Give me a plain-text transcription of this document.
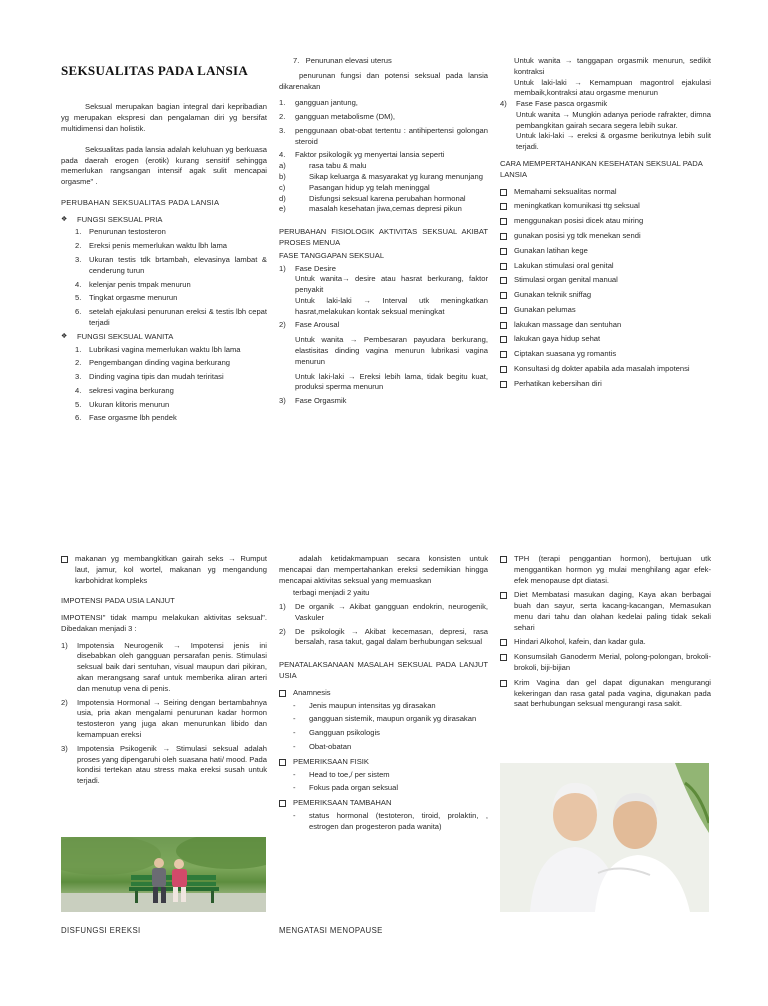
SEKSUALITAS PADA LANSIA

Seksual merupakan bagian integral dari kepribadian yg merupakan ekspresi dan pengalaman diri yg bersifat multidimensi dan holistik.

Seksualitas pada lansia adalah keluhuan yg berkuasa pada daerah erogen (erotik) kurang sensitif sehingga memerlukan rangsangan intensif agak sulit mencapai orgasme" .

PERUBAHAN SEKSUALITAS PADA LANSIA
❖ FUNGSI SEKSUAL PRIA
1. Penurunan testosteron
2. Ereksi penis memerlukan waktu lbh lama
3. Ukuran testis tdk brtambah, elevasinya lambat & cenderung turun
4. kelenjar penis tmpak menurun
5. Tingkat orgasme menurun
6. setelah ejakulasi penurunan ereksi & testis lbh cepat terjadi
❖ FUNGSI SEKSUAL WANITA
1. Lubrikasi vagina memerlukan waktu lbh lama
2. Pengembangan dinding vagina berkurang
3. Dinding vagina tipis dan mudah teriritasi
4. sekresi vagina berkurang
5. Ukuran klitoris menurun
6. Fase orgasme lbh pendek
7.   Penurunan elevasi uterus
penurunan fungsi dan potensi seksual pada lansia dikarenakan
1. gangguan jantung,
2. gangguan metabolisme (DM),
3. penggunaan obat-obat tertentu : antihipertensi golongan steroid
4. Faktor psikologik yg menyertai lansia seperti
a)	rasa tabu & malu
b)	Sikap keluarga & masyarakat yg kurang menunjang
c)	Pasangan hidup yg telah meninggal
d)	Disfungsi seksual karena perubahan hormonal
e)	masalah kesehatan jiwa,cemas depresi pikun
PERUBAHAN FISIOLOGIK AKTIVITAS SEKSUAL AKIBAT PROSES MENUA
FASE TANGGAPAN SEKSUAL
1) Fase Desire
Untuk wanita→ desire atau hasrat berkurang, faktor penyakit
Untuk laki-laki → Interval utk meningkatkan hasrat,melakukan kontak seksual meningkat
2) Fase Arousal
Untuk wanita → Pembesaran payudara berkurang, elastisitas dinding vagina menurun lubrikasi vagina menurun
Untuk laki-laki → Ereksi lebih lama, tidak begitu kuat, produksi sperma menurun
3) Fase Orgasmik
Untuk wanita → tanggapan orgasmik menurun, sedikit kontraksi
Untuk laki-laki → Kemampuan magontrol ejakulasi membaik,kontraksi atau orgasme menurun
4) Fase Fase pasca orgasmik
Untuk wanita → Mungkin adanya periode rafrakter, dimna pembangkitan gairah secara segera lebih sukar.
Untuk laki-laki → ereksi & orgasme berikutnya lebih sulit terjadi.
CARA MEMPERTAHANKAN KESEHATAN SEKSUAL PADA LANSIA
Memahami seksualitas normal
meningkatkan komunikasi ttg seksual
menggunakan posisi dicek atau miring
gunakan posisi yg tdk menekan sendi
Gunakan latihan kege
Lakukan stimulasi oral genital
Stimulasi organ genital manual
Gunakan teknik sniffag
Gunakan pelumas
lakukan massage dan sentuhan
lakukan gaya hidup sehat
Ciptakan suasana yg romantis
Konsultasi dg dokter apabila ada masalah impotensi
Perhatikan kebersihan diri
makanan yg membangkitkan gairah seks → Rumput laut, jamur, kol wortel, makanan yg mengandung karbohidrat kompleks
IMPOTENSI PADA USIA LANJUT
IMPOTENSI" tidak mampu melakukan aktivitas seksual". Dibedakan menjadi 3 :
1) Impotensia Neurogenik → Impotensi jenis ini disebabkan oleh gangguan persarafan penis. Stimulasi seksual baik dari sentuhan, visual maupun dari pikiran, akan merangsang saraf untuk memberika aliran arteri dan menutup vena di penis.
2) Impotensia Hormonal → Seiring dengan bertambahnya usia, pria akan mengalami penurunan kadar hormon testosteron yang juga akan menurunkan libido dan kemampuan ereksi
3) Impotensia Psikogenik → Stimulasi seksual adalah proses yang dipengaruhi oleh suasana hati/ mood. Pada kondisi tertekan atau stress maka ereksi susah untuk terjadi.
adalah ketidakmampuan secara konsisten untuk mencapai dan mempertahankan ereksi sedemikian hingga mencapai aktivitas seksual yang memuaskan
terbagi menjadi 2 yaitu
1) De organik → Akibat gangguan endokrin, neurogenik, Vaskuler
2) De psikologik → Akibat kecemasan, depresi, rasa bersalah, rasa takut, gagal dalam berhubungan seksual
PENATALAKSANAAN MASALAH SEKSUAL PADA LANJUT USIA
Anamnesis
- Jenis maupun intensitas yg dirasakan
- gangguan sistemik, maupun organik yg dirasakan
- Gangguan psikologis
- Obat-obatan
PEMERIKSAAN FISIK
- Head to toe,/ per sistem
- Fokus pada organ seksual
PEMERIKSAAN TAMBAHAN
- status hormonal (testoteron, tiroid, prolaktin, , estrogen dan progesteron pada wanita)
TPH (terapi penggantian hormon), bertujuan utk menggantikan hormon yg mulai menghilang agar efek-efek menopause dpt diatasi.
Diet Membatasi masukan daging, Kaya akan berbagai buah dan sayur, serta kacang-kacangan, Memasukan menu dari tahu dan olahan kedelai paling tidak sekali sehari
Hindari Alkohol, kafein, dan kadar gula.
Konsumsilah Ganoderm Merial, polong-polongan, brokoli-brokoli, biji-bijian
Krim Vagina dan gel dapat digunakan mengurangi kekeringan dan rasa gatal pada vagina, digunakan pada saat berhubungan seksual mengurangi rasa sakit.
DISFUNGSI EREKSI	MENGATASI MENOPAUSE
